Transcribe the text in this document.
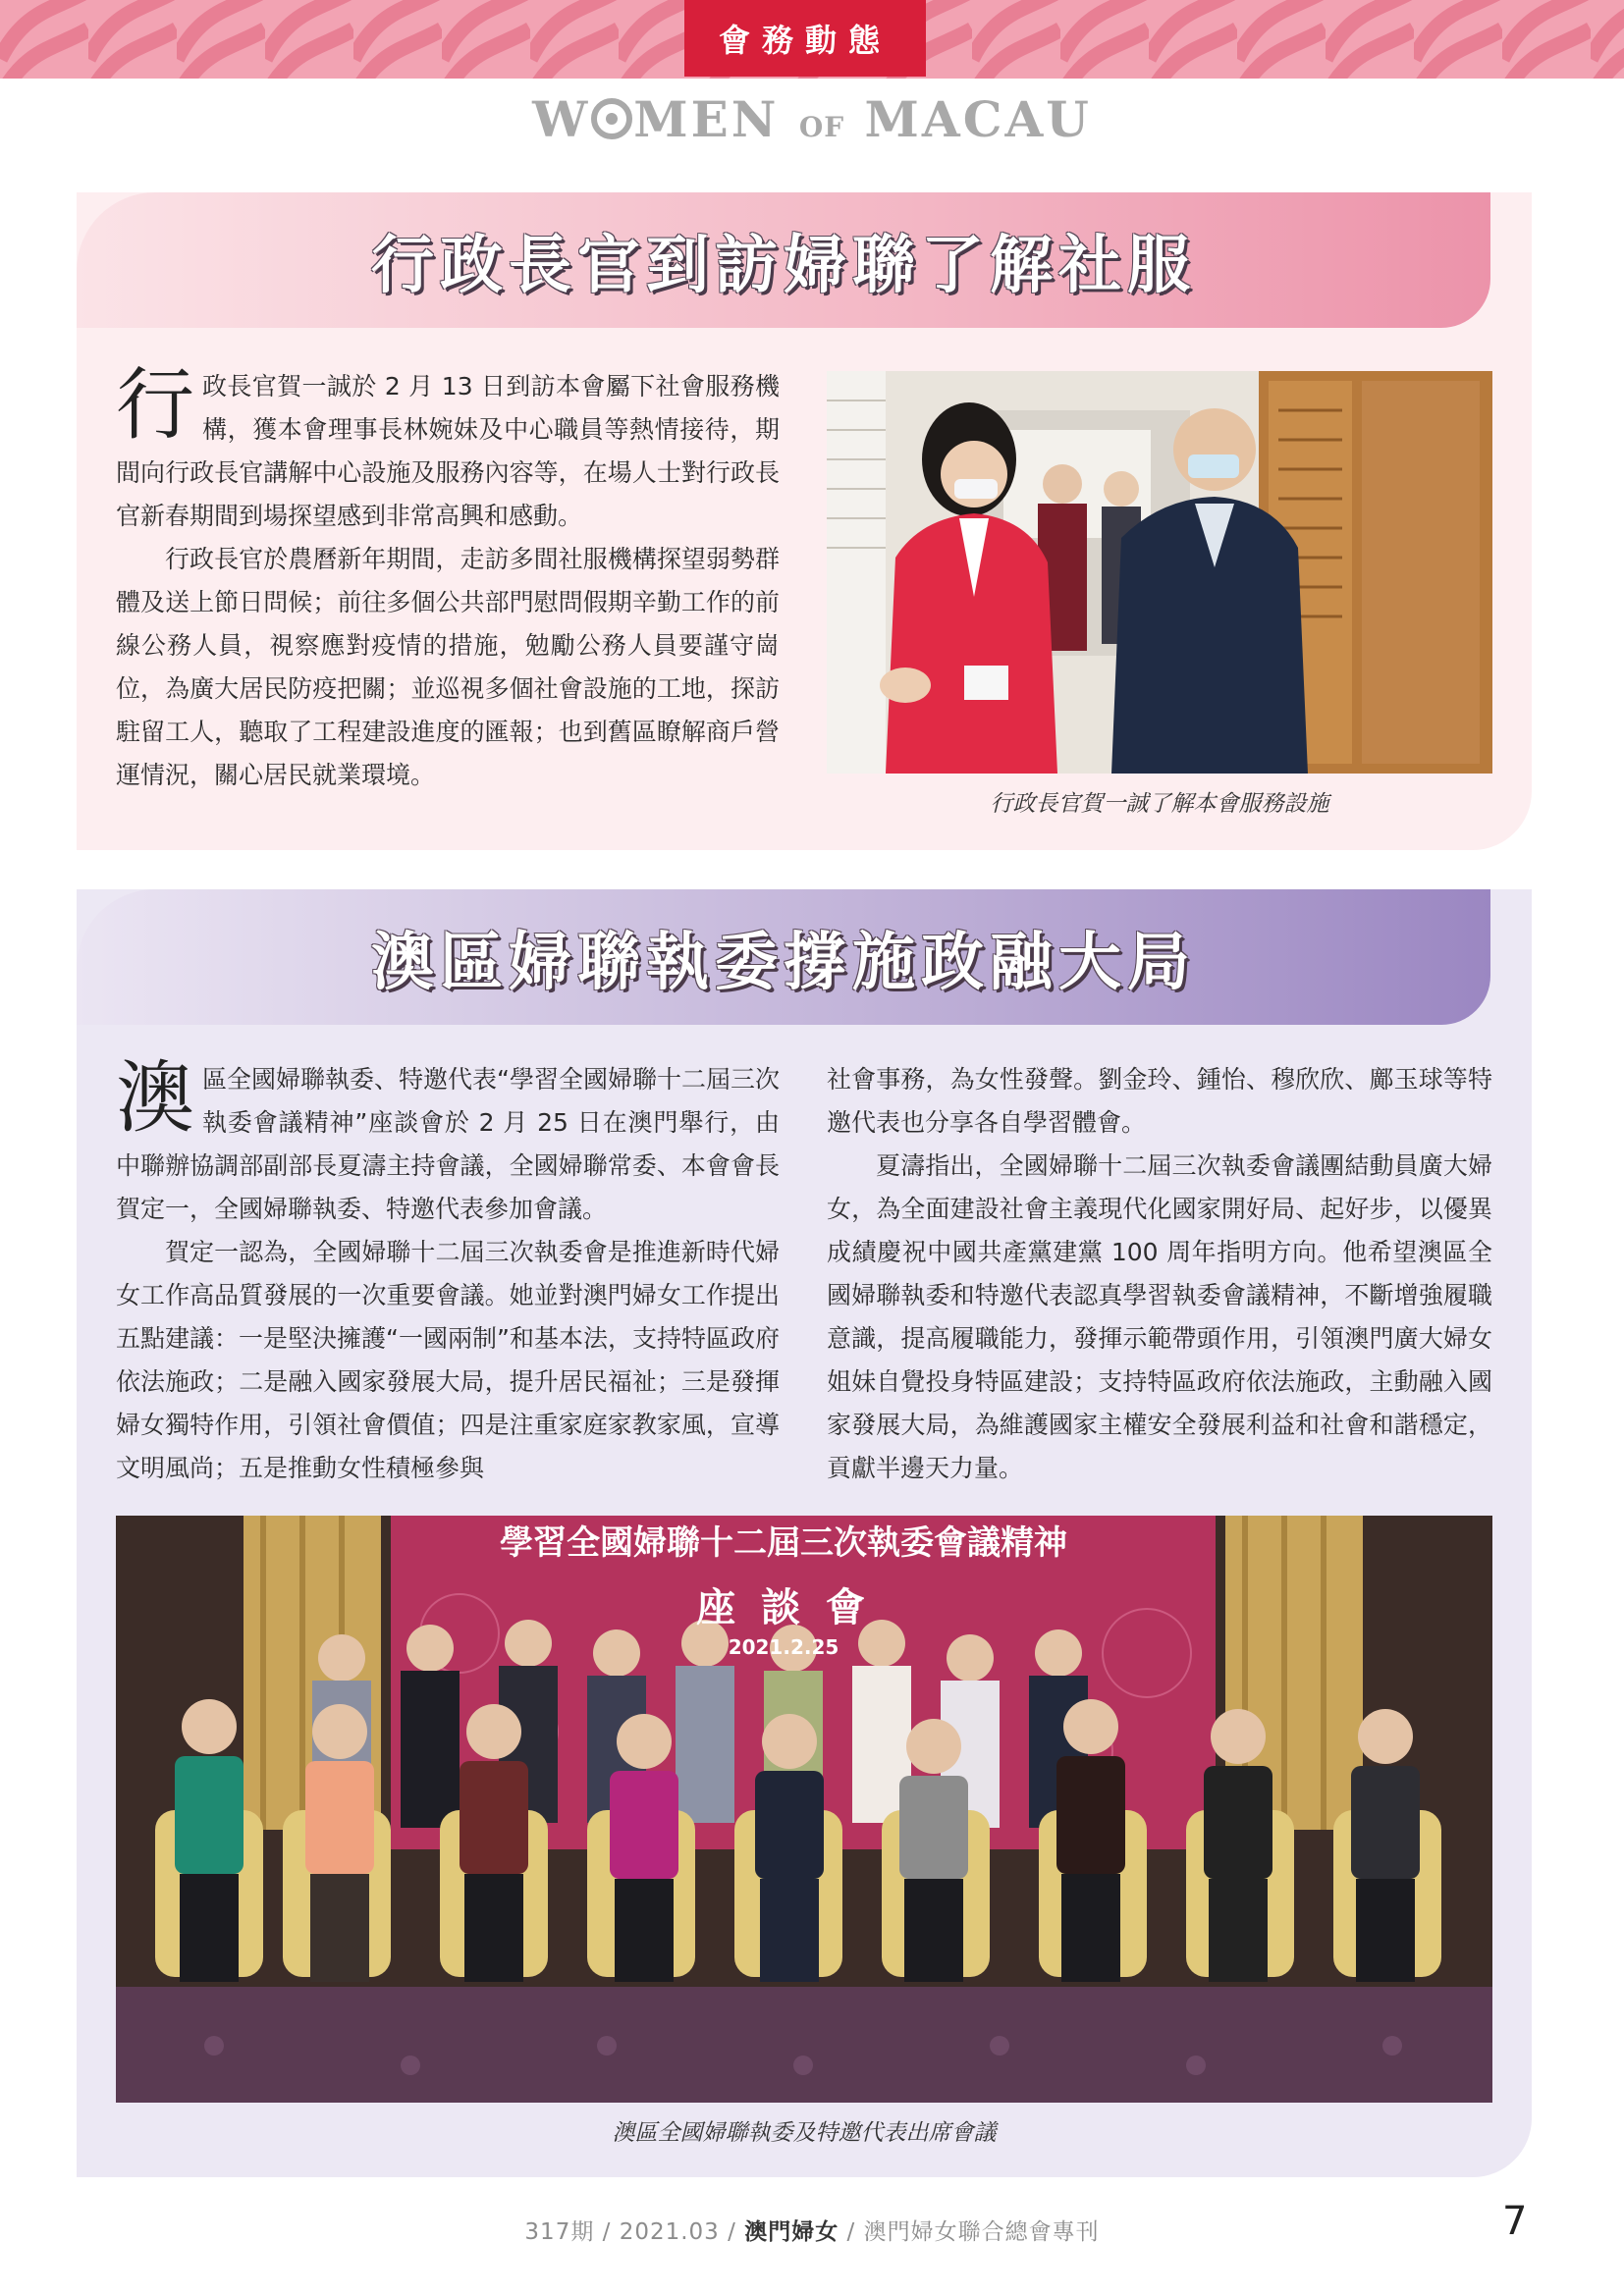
會務動態
W MEN OF MACAU
行政長官到訪婦聯了解社服

行政長官賀一誠於 2 月 13 日到訪本會屬下社會服務機構，獲本會理事長林婉妹及中心職員等熱情接待，期間向行政長官講解中心設施及服務內容等，在場人士對行政長官新春期間到場探望感到非常高興和感動。

行政長官於農曆新年期間，走訪多間社服機構探望弱勢群體及送上節日問候；前往多個公共部門慰問假期辛勤工作的前線公務人員，視察應對疫情的措施，勉勵公務人員要謹守崗位，為廣大居民防疫把關；並巡視多個社會設施的工地，探訪駐留工人，聽取了工程建設進度的匯報；也到舊區瞭解商戶營運情況，關心居民就業環境。

行政長官賀一誠了解本會服務設施
澳區婦聯執委撐施政融大局

澳區全國婦聯執委、特邀代表“學習全國婦聯十二屆三次執委會議精神”座談會於 2 月 25 日在澳門舉行，由中聯辦協調部副部長夏濤主持會議，全國婦聯常委、本會會長賀定一，全國婦聯執委、特邀代表參加會議。

賀定一認為，全國婦聯十二屆三次執委會是推進新時代婦女工作高品質發展的一次重要會議。她並對澳門婦女工作提出五點建議：一是堅決擁護“一國兩制”和基本法，支持特區政府依法施政；二是融入國家發展大局，提升居民福祉；三是發揮婦女獨特作用，引領社會價值；四是注重家庭家教家風，宣導文明風尚；五是推動女性積極參與

社會事務，為女性發聲。劉金玲、鍾怡、穆欣欣、鄺玉球等特邀代表也分享各自學習體會。

夏濤指出，全國婦聯十二屆三次執委會議團結動員廣大婦女，為全面建設社會主義現代化國家開好局、起好步，以優異成績慶祝中國共產黨建黨 100 周年指明方向。他希望澳區全國婦聯執委和特邀代表認真學習執委會議精神，不斷增強履職意識，提高履職能力，發揮示範帶頭作用，引領澳門廣大婦女姐妹自覺投身特區建設；支持特區政府依法施政，主動融入國家發展大局，為維護國家主權安全發展利益和社會和諧穩定，貢獻半邊天力量。

學習全國婦聯十二屆三次執委會議精神
座 談 會
2021.2.25
澳區全國婦聯執委及特邀代表出席會議
317期 / 2021.03 / 澳門婦女 / 澳門婦女聯合總會專刊	7
